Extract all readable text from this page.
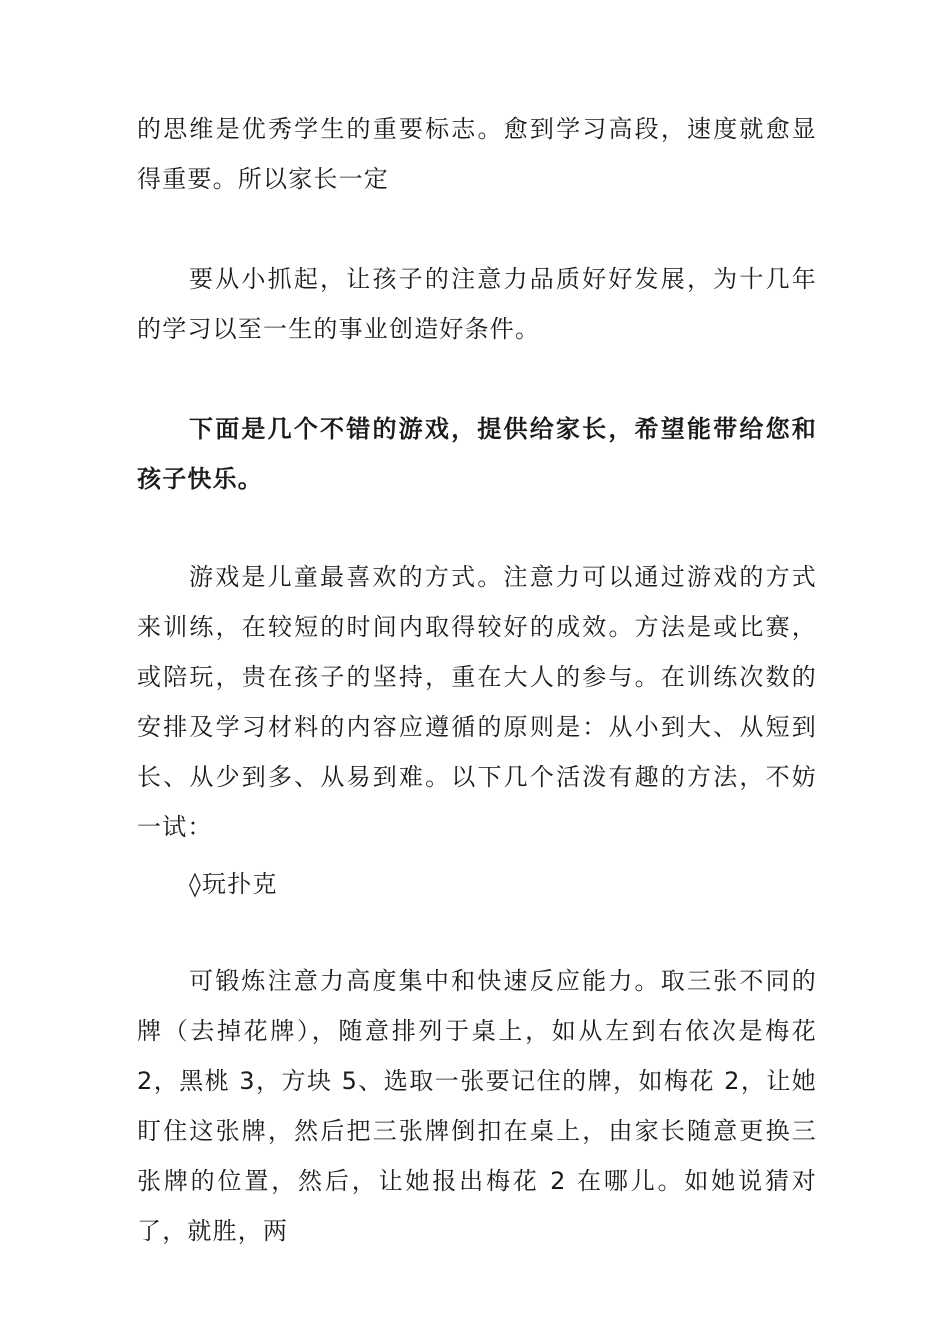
的思维是优秀学生的重要标志。愈到学习高段，速度就愈显得重要。所以家长一定

要从小抓起，让孩子的注意力品质好好发展，为十几年的学习以至一生的事业创造好条件。

下面是几个不错的游戏，提供给家长，希望能带给您和孩子快乐。

游戏是儿童最喜欢的方式。注意力可以通过游戏的方式来训练，在较短的时间内取得较好的成效。方法是或比赛，或陪玩，贵在孩子的坚持，重在大人的参与。在训练次数的安排及学习材料的内容应遵循的原则是：从小到大、从短到长、从少到多、从易到难。以下几个活泼有趣的方法，不妨一试：

◊玩扑克

可锻炼注意力高度集中和快速反应能力。取三张不同的牌（去掉花牌），随意排列于桌上，如从左到右依次是梅花 2，黑桃 3，方块 5、选取一张要记住的牌，如梅花 2，让她盯住这张牌，然后把三张牌倒扣在桌上，由家长随意更换三张牌的位置，然后，让她报出梅花 2 在哪儿。如她说猜对了，就胜，两
